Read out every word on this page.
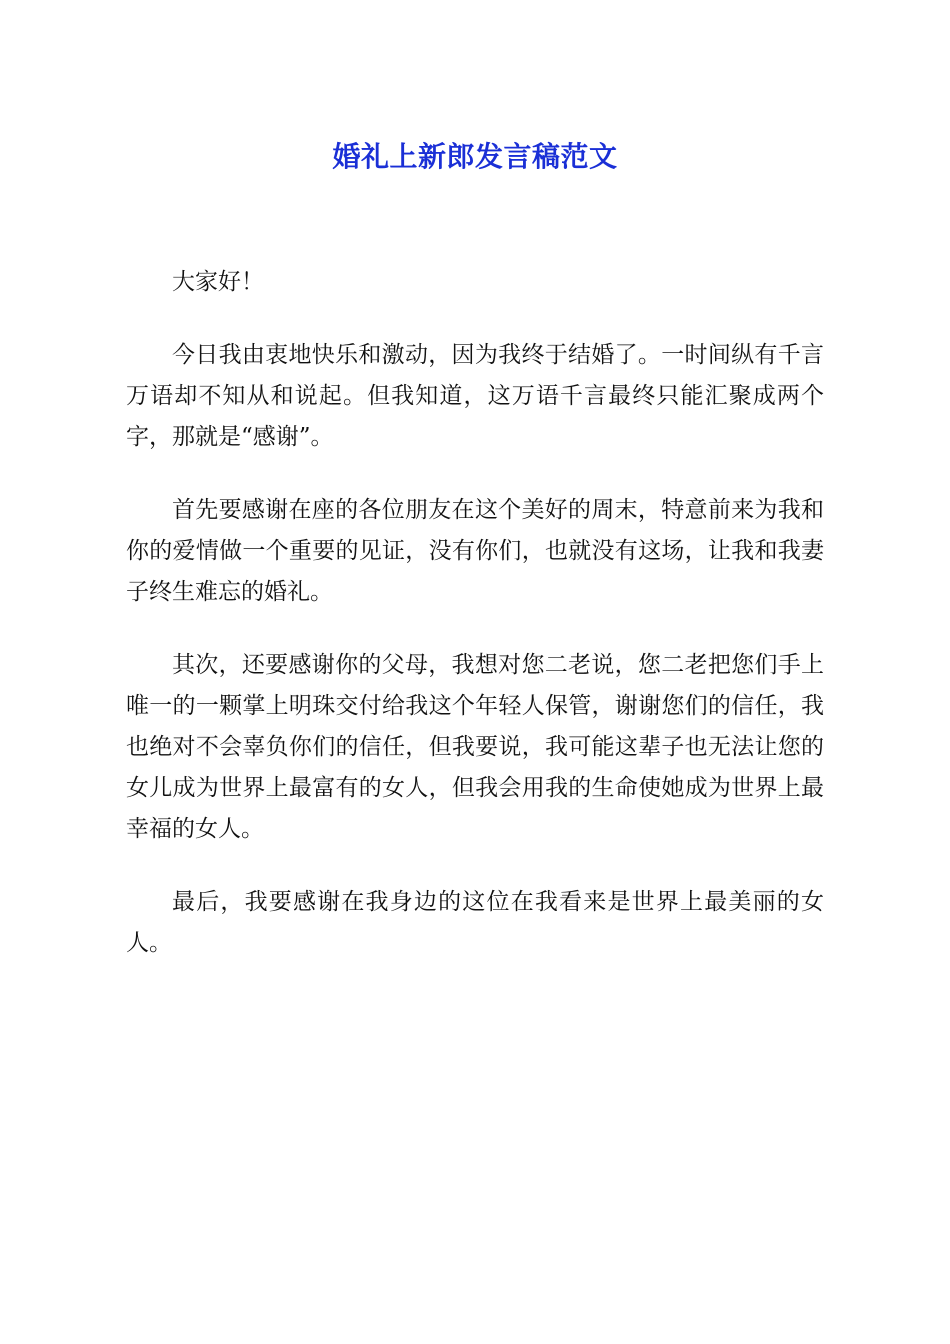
婚礼上新郎发言稿范文

大家好！

今日我由衷地快乐和激动，因为我终于结婚了。一时间纵有千言万语却不知从和说起。但我知道，这万语千言最终只能汇聚成两个字，那就是“感谢”。

首先要感谢在座的各位朋友在这个美好的周末，特意前来为我和你的爱情做一个重要的见证，没有你们，也就没有这场，让我和我妻子终生难忘的婚礼。

其次，还要感谢你的父母，我想对您二老说，您二老把您们手上唯一的一颗掌上明珠交付给我这个年轻人保管，谢谢您们的信任，我也绝对不会辜负你们的信任，但我要说，我可能这辈子也无法让您的女儿成为世界上最富有的女人，但我会用我的生命使她成为世界上最幸福的女人。

最后，我要感谢在我身边的这位在我看来是世界上最美丽的女人。
